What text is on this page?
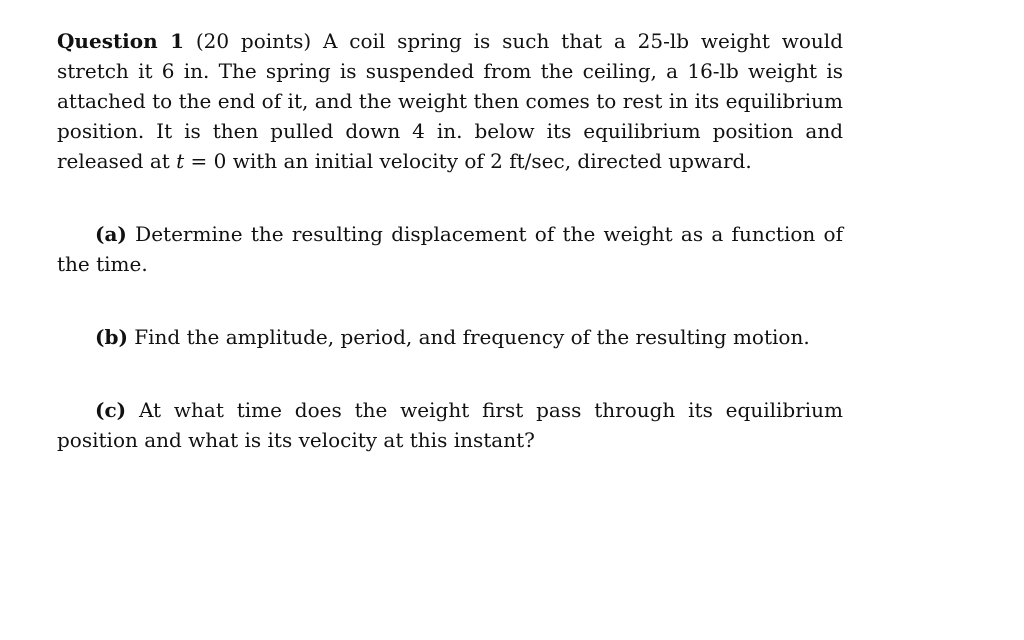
Question 1 (20 points) A coil spring is such that a 25-lb weight would stretch it 6 in. The spring is suspended from the ceiling, a 16-lb weight is attached to the end of it, and the weight then comes to rest in its equilibrium position. It is then pulled down 4 in. below its equilibrium position and released at t = 0 with an initial velocity of 2 ft/sec, directed upward.

(a) Determine the resulting displacement of the weight as a function of the time.

(b) Find the amplitude, period, and frequency of the resulting motion.

(c) At what time does the weight first pass through its equilibrium position and what is its velocity at this instant?
